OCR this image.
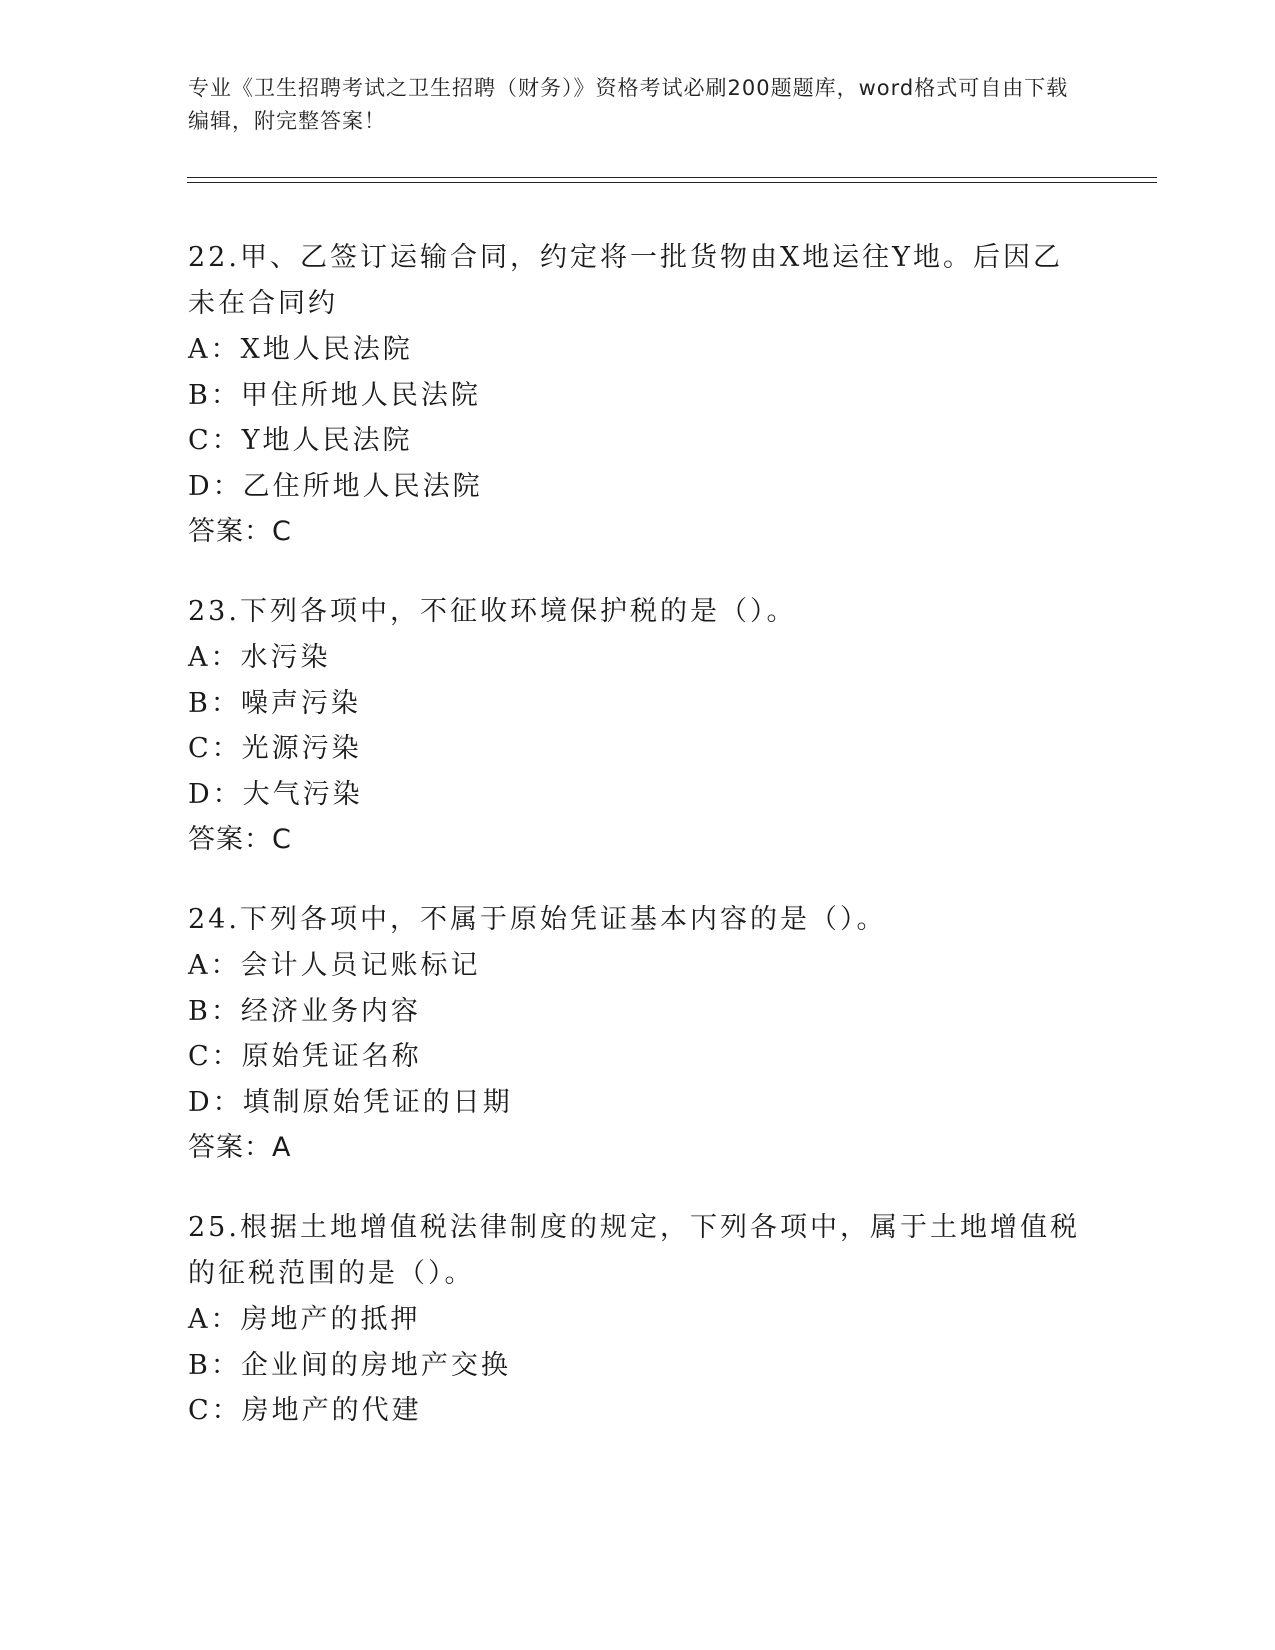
专业《卫生招聘考试之卫生招聘（财务）》资格考试必刷200题题库，word格式可自由下载编辑，附完整答案！

22.甲、乙签订运输合同，约定将一批货物由X地运往Y地。后因乙未在合同约

A：X地人民法院

B：甲住所地人民法院

C：Y地人民法院

D：乙住所地人民法院

答案：C

23.下列各项中，不征收环境保护税的是（）。

A：水污染

B：噪声污染

C：光源污染

D：大气污染

答案：C

24.下列各项中，不属于原始凭证基本内容的是（）。

A：会计人员记账标记

B：经济业务内容

C：原始凭证名称

D：填制原始凭证的日期

答案：A

25.根据土地增值税法律制度的规定，下列各项中，属于土地增值税的征税范围的是（）。

A：房地产的抵押

B：企业间的房地产交换

C：房地产的代建
